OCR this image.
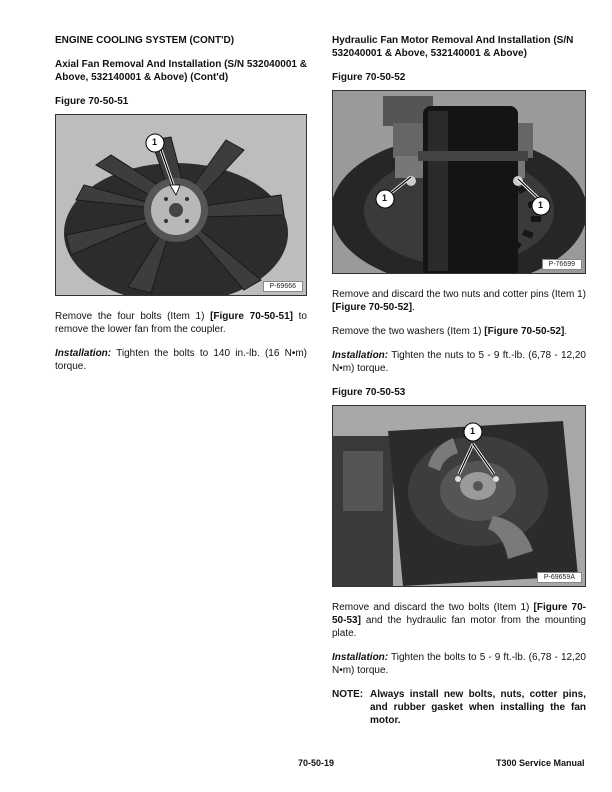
ENGINE COOLING SYSTEM (CONT'D)
Axial Fan Removal And Installation (S/N 532040001 & Above, 532140001 & Above) (Cont'd)
Figure 70-50-51
1
P-69666

Remove the four bolts (Item 1) [Figure 70-50-51] to remove the lower fan from the coupler.

Installation: Tighten the bolts to 140 in.-lb. (16 N•m) torque.

Hydraulic Fan Motor Removal And Installation (S/N 532040001 & Above, 532140001 & Above)
Figure 70-50-52
1
1
P-76699

Remove and discard the two nuts and cotter pins (Item 1) [Figure 70-50-52].

Remove the two washers (Item 1) [Figure 70-50-52].

Installation: Tighten the nuts to 5 - 9 ft.-lb. (6,78 - 12,20 N•m) torque.

Figure 70-50-53
1
P-69659A

Remove and discard the two bolts (Item 1) [Figure 70-50-53] and the hydraulic fan motor from the mounting plate.

Installation: Tighten the bolts to 5 - 9 ft.-lb. (6,78 - 12,20 N•m) torque.

NOTE: Always install new bolts, nuts, cotter pins, and rubber gasket when installing the fan motor.
70-50-19	T300 Service Manual
